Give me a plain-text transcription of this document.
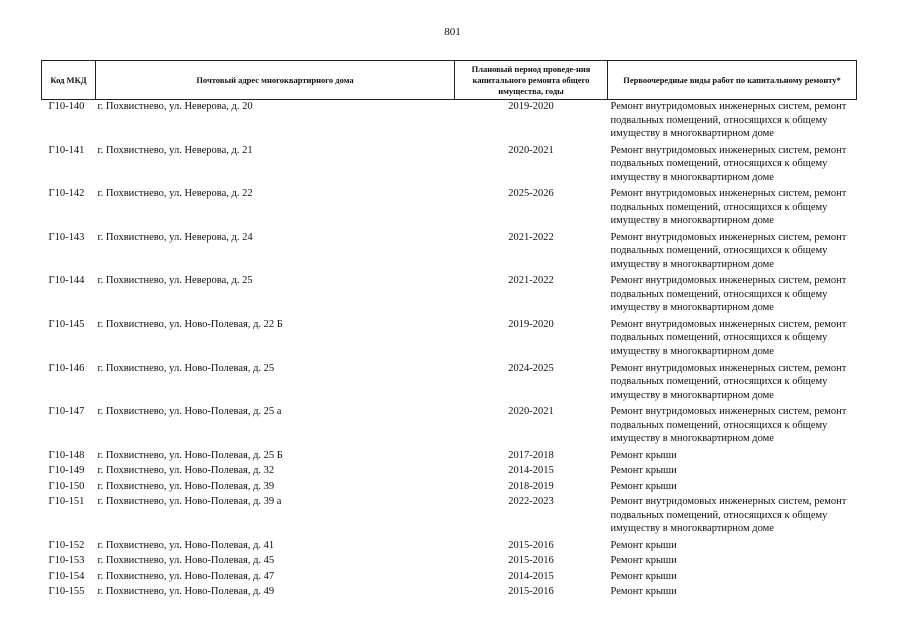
801
Код МКД	Почтовый адрес многоквартирного дома	Плановый период проведе-ния капитального ремонта общего имущества, годы	Первоочередные виды работ по капитальному ремонту*
Г10-140	г. Похвистнево, ул. Неверова, д. 20	2019-2020	Ремонт внутридомовых инженерных систем, ремонт подвальных помещений, относящихся к общему имуществу в многоквартирном доме
Г10-141	г. Похвистнево, ул. Неверова, д. 21	2020-2021	Ремонт внутридомовых инженерных систем, ремонт подвальных помещений, относящихся к общему имуществу в многоквартирном доме
Г10-142	г. Похвистнево, ул. Неверова, д. 22	2025-2026	Ремонт внутридомовых инженерных систем, ремонт подвальных помещений, относящихся к общему имуществу в многоквартирном доме
Г10-143	г. Похвистнево, ул. Неверова, д. 24	2021-2022	Ремонт внутридомовых инженерных систем, ремонт подвальных помещений, относящихся к общему имуществу в многоквартирном доме
Г10-144	г. Похвистнево, ул. Неверова, д. 25	2021-2022	Ремонт внутридомовых инженерных систем, ремонт подвальных помещений, относящихся к общему имуществу в многоквартирном доме
Г10-145	г. Похвистнево, ул. Ново-Полевая, д. 22 Б	2019-2020	Ремонт внутридомовых инженерных систем, ремонт подвальных помещений, относящихся к общему имуществу в многоквартирном доме
Г10-146	г. Похвистнево, ул. Ново-Полевая, д. 25	2024-2025	Ремонт внутридомовых инженерных систем, ремонт подвальных помещений, относящихся к общему имуществу в многоквартирном доме
Г10-147	г. Похвистнево, ул. Ново-Полевая, д. 25 а	2020-2021	Ремонт внутридомовых инженерных систем, ремонт подвальных помещений, относящихся к общему имуществу в многоквартирном доме
Г10-148	г. Похвистнево, ул. Ново-Полевая, д. 25 Б	2017-2018	Ремонт крыши
Г10-149	г. Похвистнево, ул. Ново-Полевая, д. 32	2014-2015	Ремонт крыши
Г10-150	г. Похвистнево, ул. Ново-Полевая, д. 39	2018-2019	Ремонт крыши
Г10-151	г. Похвистнево, ул. Ново-Полевая, д. 39 а	2022-2023	Ремонт внутридомовых инженерных систем, ремонт подвальных помещений, относящихся к общему имуществу в многоквартирном доме
Г10-152	г. Похвистнево, ул. Ново-Полевая, д. 41	2015-2016	Ремонт крыши
Г10-153	г. Похвистнево, ул. Ново-Полевая, д. 45	2015-2016	Ремонт крыши
Г10-154	г. Похвистнево, ул. Ново-Полевая, д. 47	2014-2015	Ремонт крыши
Г10-155	г. Похвистнево, ул. Ново-Полевая, д. 49	2015-2016	Ремонт крыши
